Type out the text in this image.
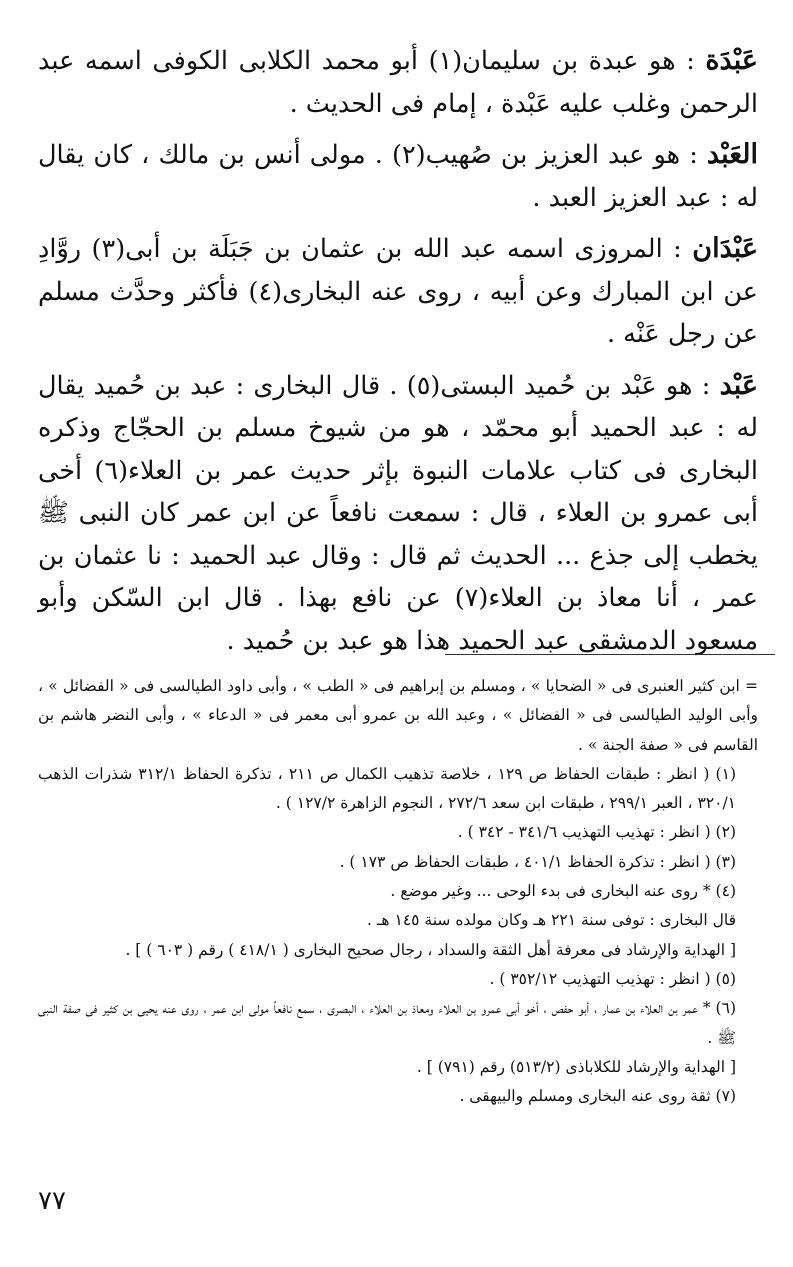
عَبْدَة : هو عبدة بن سليمان(١) أبو محمد الكلابى الكوفى اسمه عبد الرحمن وغلب عليه عَبْدة ، إمام فى الحديث .

العَبْد : هو عبد العزيز بن صُهيب(٢) . مولى أنس بن مالك ، كان يقال له : عبد العزيز العبد .

عَبْدَان : المروزى اسمه عبد الله بن عثمان بن جَبَلَة بن أبى(٣) روَّادِ عن ابن المبارك وعن أبيه ، روى عنه البخارى(٤) فأكثر وحدَّث مسلم عن رجل عَنْه .

عَبْد : هو عَبْد بن حُميد البستى(٥) . قال البخارى : عبد بن حُميد يقال له : عبد الحميد أبو محمّد ، هو من شيوخ مسلم بن الحجّاج وذكره البخارى فى كتاب علامات النبوة بإثر حديث عمر بن العلاء(٦) أخى أبى عمرو بن العلاء ، قال : سمعت نافعاً عن ابن عمر كان النبى ﷺ يخطب إلى جذع ... الحديث ثم قال : وقال عبد الحميد : نا عثمان بن عمر ، أنا معاذ بن العلاء(٧) عن نافع بهذا . قال ابن السّكن وأبو مسعود الدمشقى عبد الحميد هذا هو عبد بن حُميد .

= ابن كثير العنبرى فى « الضحايا » ، ومسلم بن إبراهيم فى « الطب » ، وأبى داود الطيالسى فى « الفضائل » ، وأبى الوليد الطيالسى فى « الفضائل » ، وعبد الله بن عمرو أبى معمر فى « الدعاء » ، وأبى النضر هاشم بن القاسم فى « صفة الجنة » .

(١) ( انظر : طبقات الحفاظ ص ١٢٩ ، خلاصة تذهيب الكمال ص ٢١١ ، تذكرة الحفاظ ٣١٢/١ شذرات الذهب ٣٢٠/١ ، العبر ٢٩٩/١ ، طبقات ابن سعد ٢٧٢/٦ ، النجوم الزاهرة ١٢٧/٢ ) .

(٢) ( انظر : تهذيب التهذيب ٣٤١/٦ - ٣٤٢ ) .

(٣) ( انظر : تذكرة الحفاظ ٤٠١/١ ، طبقات الحفاظ ص ١٧٣ ) .

(٤) * روى عنه البخارى فى بدء الوحى ... وغير موضع .

قال البخارى : توفى سنة ٢٢١ هـ وكان مولده سنة ١٤٥ هـ .

[ الهداية والإرشاد فى معرفة أهل الثقة والسداد ، رجال صحيح البخارى ( ٤١٨/١ ) رقم ( ٦٠٣ ) ] .

(٥) ( انظر : تهذيب التهذيب ٣٥٢/١٢ ) .

(٦) * عمر بن العلاء بن عمار ، أبو حفص ، أخو أبى عمرو بن العلاء ومعاذ بن العلاء ، البصرى ، سمع نافعاً مولى ابن عمر ، روى عنه يحيى بن كثير فى صفة النبى ﷺ .

[ الهداية والإرشاد للكلاباذى (٥١٣/٢) رقم (٧٩١) ] .

(٧) ثقة روى عنه البخارى ومسلم والبيهقى .

٧٧
